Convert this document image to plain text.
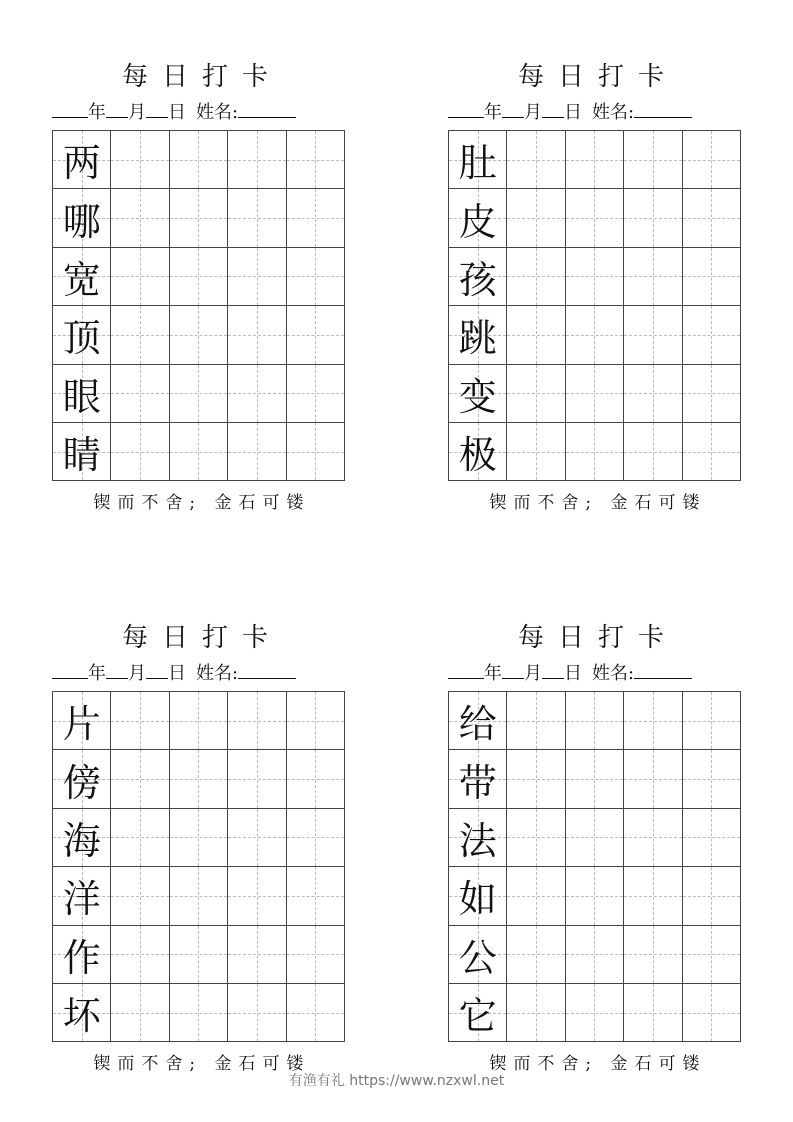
每日打卡
年 月 日 姓名:
两				

哪				

宽				

顶				

眼				

睛				

锲而不舍; 金石可镂
每日打卡
年 月 日 姓名:
肚				

皮				

孩				

跳				

变				

极				

锲而不舍; 金石可镂
每日打卡
年 月 日 姓名:
片				

傍				

海				

洋				

作				

坏				

锲而不舍; 金石可镂
每日打卡
年 月 日 姓名:
给				

带				

法				

如				

公				

它				

锲而不舍; 金石可镂
有渔有礼 https://www.nzxwl.net
